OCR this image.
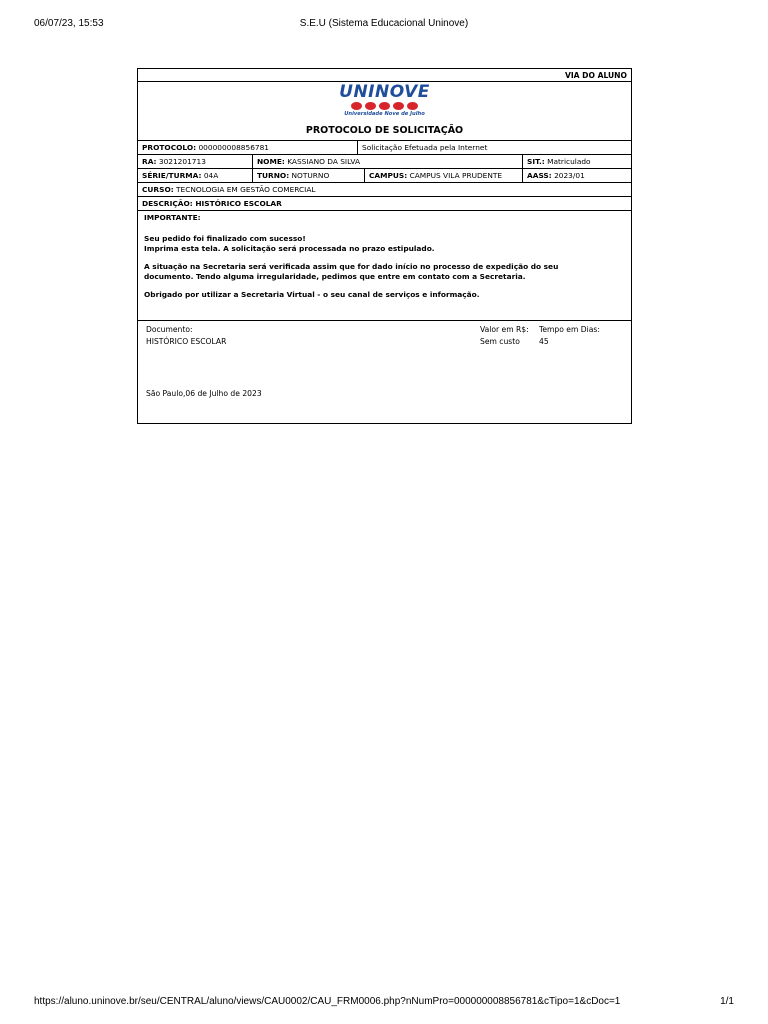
06/07/23, 15:53	S.E.U (Sistema Educacional Uninove)
VIA DO ALUNO
UNINOVE
Universidade Nove de Julho
PROTOCOLO DE SOLICITAÇÃO
PROTOCOLO:
000000008856781	Solicitação Efetuada pela Internet
RA:
3021201713	NOME:
KASSIANO DA SILVA	SIT.:
Matriculado
SÉRIE/TURMA:
04A	TURNO:
NOTURNO	CAMPUS:
CAMPUS VILA PRUDENTE	AASS:
2023/01
CURSO:
TECNOLOGIA EM GESTÃO COMERCIAL
DESCRIÇÃO:
HISTÓRICO ESCOLAR

IMPORTANTE:

Seu pedido foi finalizado com sucesso!

Imprima esta tela. A solicitação será processada no prazo estipulado.

A situação na Secretaria será verificada assim que for dado início no processo de expedição do seu

documento. Tendo alguma irregularidade, pedimos que entre em contato com a Secretaria.

Obrigado por utilizar a Secretaria Virtual - o seu canal de serviços e informação.

Documento:
HISTÓRICO ESCOLAR
Valor em R$:
Sem custo
Tempo em Dias:
45
São Paulo,06 de Julho de 2023
https://aluno.uninove.br/seu/CENTRAL/aluno/views/CAU0002/CAU_FRM0006.php?nNumPro=000000008856781&cTipo=1&cDoc=1	1/1
